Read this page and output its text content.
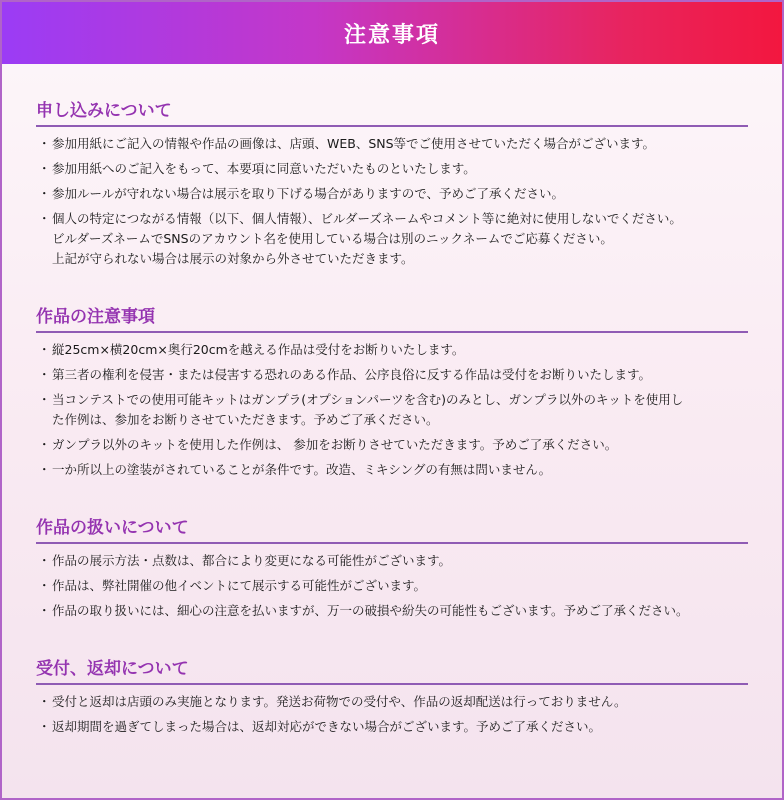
注意事項
申し込みについて
・ 参加用紙にご記入の情報や作品の画像は、店頭、WEB、SNS等でご使用させていただく場合がございます。
・ 参加用紙へのご記入をもって、本要項に同意いただいたものといたします。
・ 参加ルールが守れない場合は展示を取り下げる場合がありますので、予めご了承ください。
・ 個人の特定につながる情報（以下、個人情報）、ビルダーズネームやコメント等に絶対に使用しないでください。
ビルダーズネームでSNSのアカウント名を使用している場合は別のニックネームでご応募ください。
上記が守られない場合は展示の対象から外させていただきます。
作品の注意事項
・ 縦25cm×横20cm×奥行20cmを越える作品は受付をお断りいたします。
・ 第三者の権利を侵害・または侵害する恐れのある作品、公序良俗に反する作品は受付をお断りいたします。
・ 当コンテストでの使用可能キットはガンプラ(オプションパーツを含む)のみとし、ガンプラ以外のキットを使用し
た作例は、参加をお断りさせていただきます。予めご了承ください。
・ ガンプラ以外のキットを使用した作例は、 参加をお断りさせていただきます。予めご了承ください。
・ 一か所以上の塗装がされていることが条件です。改造、ミキシングの有無は問いません。
作品の扱いについて
・ 作品の展示方法・点数は、都合により変更になる可能性がございます。
・ 作品は、弊社開催の他イベントにて展示する可能性がございます。
・ 作品の取り扱いには、細心の注意を払いますが、万一の破損や紛失の可能性もございます。予めご了承ください。
受付、返却について
・ 受付と返却は店頭のみ実施となります。発送お荷物での受付や、作品の返却配送は行っておりません。
・ 返却期間を過ぎてしまった場合は、返却対応ができない場合がございます。予めご了承ください。
